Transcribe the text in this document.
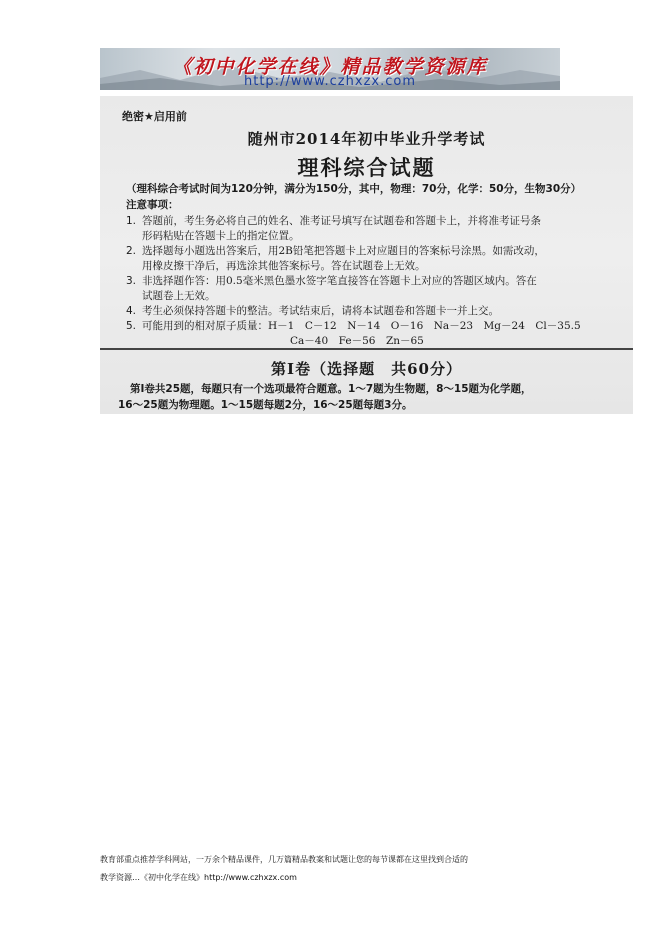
《初中化学在线》精品教学资源库
http://www.czhxzx.com
绝密★启用前
随州市2014年初中毕业升学考试
理科综合试题
（理科综合考试时间为120分钟，满分为150分，其中，物理：70分，化学：50分，生物30分）
注意事项：
1. 答题前，考生务必将自己的姓名、准考证号填写在试题卷和答题卡上，并将准考证号条
形码粘贴在答题卡上的指定位置。
2. 选择题每小题选出答案后，用2B铅笔把答题卡上对应题目的答案标号涂黑。如需改动，
用橡皮擦干净后，再选涂其他答案标号。答在试题卷上无效。
3. 非选择题作答：用0.5毫米黑色墨水签字笔直接答在答题卡上对应的答题区域内。答在
试题卷上无效。
4. 考生必须保持答题卡的整洁。考试结束后，请将本试题卷和答题卡一并上交。
5. 可能用到的相对原子质量：H－1　C－12　N－14　O－16　Na－23　Mg－24　Cl－35.5
Ca－40　Fe－56　Zn－65
第Ⅰ卷（选择题　共60分）
第Ⅰ卷共25题，每题只有一个选项最符合题意。1～7题为生物题，8～15题为化学题，
16～25题为物理题。1～15题每题2分，16～25题每题3分。
教育部重点推荐学科网站，一万余个精品课件，几万篇精品教案和试题让您的每节课都在这里找到合适的
教学资源…《初中化学在线》http://www.czhxzx.com
